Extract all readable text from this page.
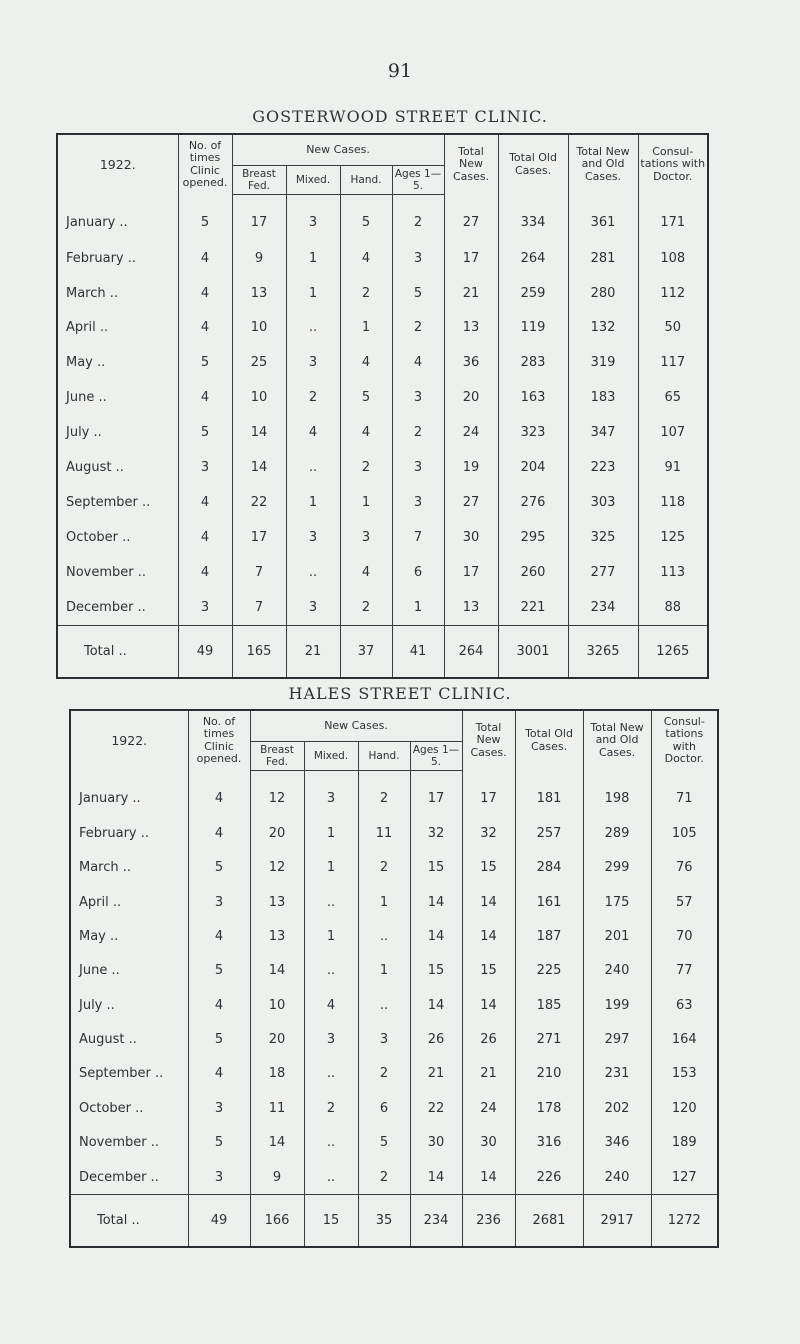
91
GOSTERWOOD STREET CLINIC.
1922.	No. of times Clinic opened.	New Cases.				Total New Cases.	Total Old Cases.	Total New and Old Cases.	Consul- tations with Doctor.
		Breast Fed.	Mixed.	Hand.	Ages 1—5.				
January ..	5	17	3	5	2	27	334	361	171
February ..	4	9	1	4	3	17	264	281	108
March ..	4	13	1	2	5	21	259	280	112
April ..	4	10	..	1	2	13	119	132	50
May ..	5	25	3	4	4	36	283	319	117
June ..	4	10	2	5	3	20	163	183	65
July ..	5	14	4	4	2	24	323	347	107
August ..	3	14	..	2	3	19	204	223	91
September ..	4	22	1	1	3	27	276	303	118
October ..	4	17	3	3	7	30	295	325	125
November ..	4	7	..	4	6	17	260	277	113
December ..	3	7	3	2	1	13	221	234	88
Total ..	49	165	21	37	41	264	3001	3265	1265
HALES STREET CLINIC.
1922.	No. of times Clinic opened.	New Cases.				Total New Cases.	Total Old Cases.	Total New and Old Cases.	Consul- tations with Doctor.
		Breast Fed.	Mixed.	Hand.	Ages 1—5.				
January ..	4	12	3	2	17	17	181	198	71
February ..	4	20	1	11	32	32	257	289	105
March ..	5	12	1	2	15	15	284	299	76
April ..	3	13	..	1	14	14	161	175	57
May ..	4	13	1	..	14	14	187	201	70
June ..	5	14	..	1	15	15	225	240	77
July ..	4	10	4	..	14	14	185	199	63
August ..	5	20	3	3	26	26	271	297	164
September ..	4	18	..	2	21	21	210	231	153
October ..	3	11	2	6	22	24	178	202	120
November ..	5	14	..	5	30	30	316	346	189
December ..	3	9	..	2	14	14	226	240	127
Total ..	49	166	15	35	234	236	2681	2917	1272
